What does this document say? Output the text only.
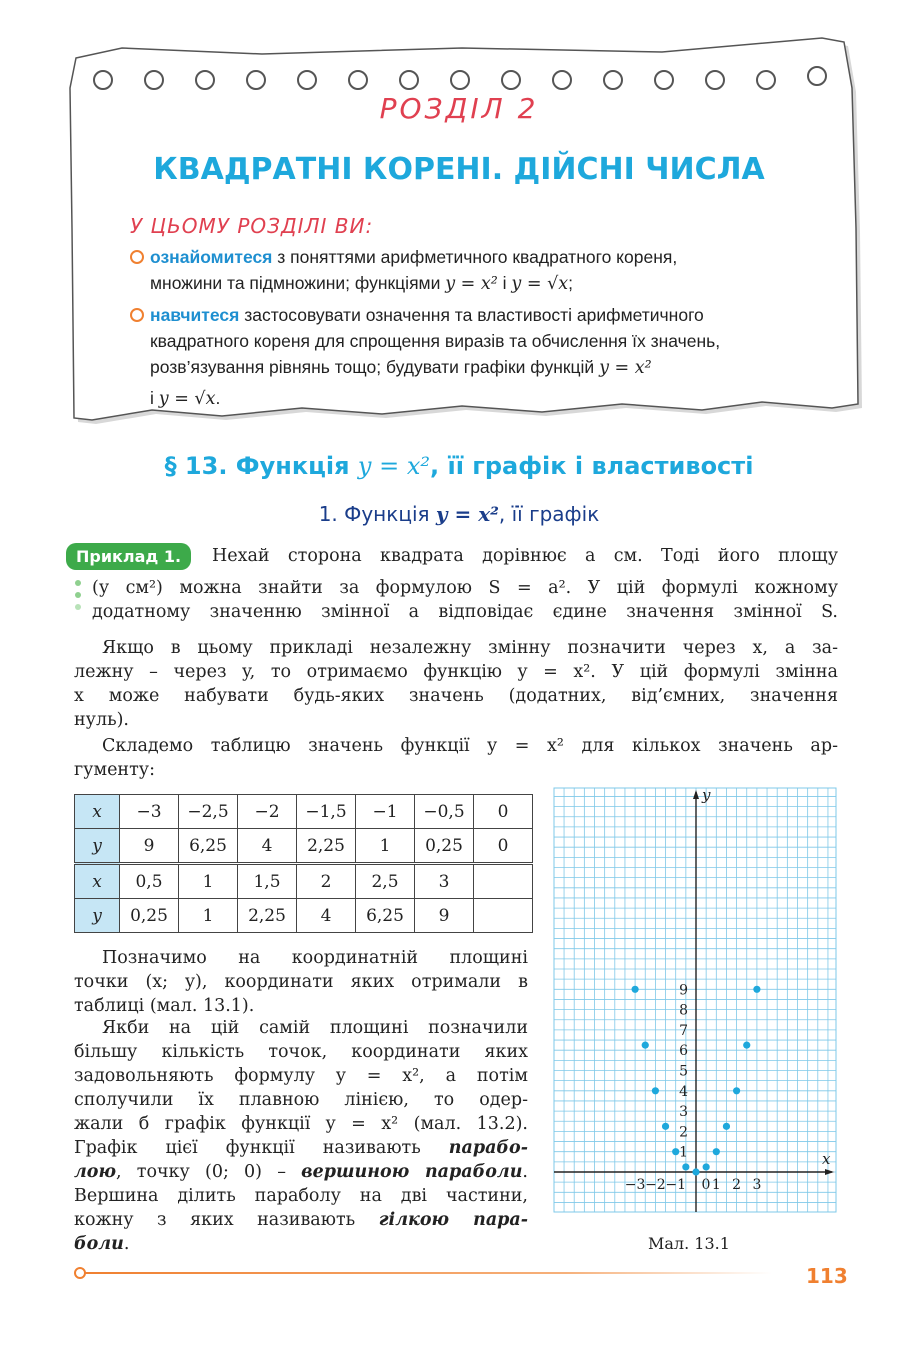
РОЗДІЛ 2
КВАДРАТНІ КОРЕНІ. ДІЙСНІ ЧИСЛА
У ЦЬОМУ РОЗДІЛІ ВИ:
ознайомитеся з поняттями арифметичного квадратного кореня,
множини та підмножини; функціями y = x² і y = √x;
навчитеся застосовувати означення та властивості арифметичного
квадратного кореня для спрощення виразів та обчислення їх значень,
розв’язування рівнянь тощо; будувати графіки функцій y = x²
і y = √x.
§ 13. Функція y = x², її графік і властивості
1. Функція y = x², її графік
Приклад 1.	Нехай сторона квадрата дорівнює a см. Тоді його площу
(у см²) можна знайти за формулою S = a². У цій формулі кожному
додатному значенню змінної a відповідає єдине значення змінної S.
Якщо в цьому прикладі незалежну змінну позначити через x, а за-
лежну – через y, то отримаємо функцію y = x². У цій формулі змінна
x може набувати будь-яких значень (додатних, від’ємних, значення
нуль).
Складемо таблицю значень функції y = x² для кількох значень ар-
гументу:
x	−3	−2,5	−2	−1,5	−1	−0,5	0
y	9	6,25	4	2,25	1	0,25	0
x	0,5	1	1,5	2	2,5	3	
y	0,25	1	2,25	4	6,25	9	
Позначимо на координатній площині
точки (x; y), координати яких отримали в
таблиці (мал. 13.1).
Якби на цій самій площині позначили
більшу кількість точок, координати яких
задовольняють формулу y = x², а потім
сполучили їх плавною лінією, то одер-
жали б графік функції y = x² (мал. 13.2).
Графік цієї функції називають парабо-
лою, точку (0; 0) – вершиною параболи.
Вершина ділить параболу на дві частини,
кожну з яких називають гілкою пара-
боли.
x
y
−3 −2 −1 0 1 2 3
1
2
3
4
5
6
7
8
9
Мал. 13.1
113
